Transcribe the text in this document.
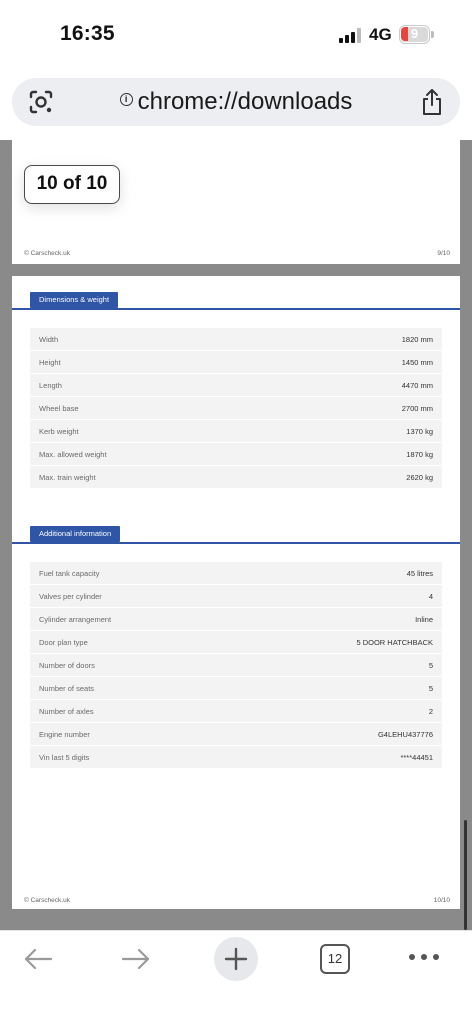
16:35	4G	9
i chrome://downloads
© Carscheck.uk	9/10
Dimensions & weight
Width	1820 mm
Height	1450 mm
Length	4470 mm
Wheel base	2700 mm
Kerb weight	1370 kg
Max. allowed weight	1870 kg
Max. train weight	2620 kg
Additional information
Fuel tank capacity	45 litres
Valves per cylinder	4
Cylinder arrangement	Inline
Door plan type	5 DOOR HATCHBACK
Number of doors	5
Number of seats	5
Number of axles	2
Engine number	G4LEHU437776
Vin last 5 digits	****44451
© Carscheck.uk	10/10
10 of 10
12
